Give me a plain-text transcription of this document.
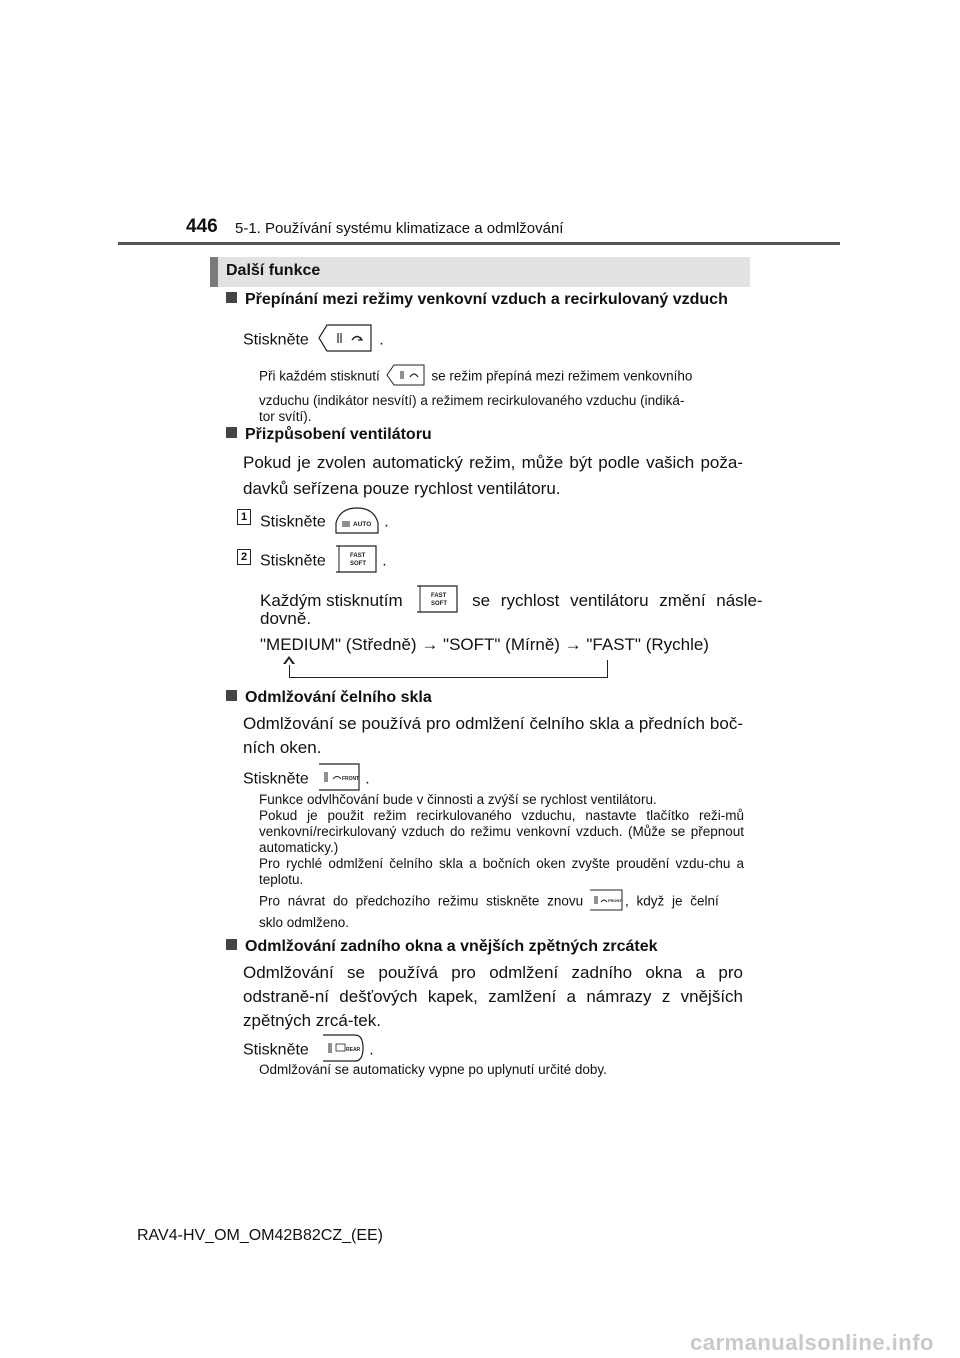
446 5-1. Používání systému klimatizace a odmlžování
Další funkce
Přepínání mezi režimy venkovní vzduch a recirkulovaný vzduch
Stiskněte	.
Při každém stisknutí	se režim přepíná mezi režimem venkovního
vzduchu (indikátor nesvítí) a režimem recirkulovaného vzduchu (indiká-
tor svítí).
Přizpůsobení ventilátoru
Pokud je zvolen automatický režim, může být podle vašich poža-davků seřízena pouze rychlost ventilátoru.
1 Stiskněte	AUTO .
2 Stiskněte	FAST
SOFT .
Každým stisknutím	FAST
SOFT se rychlost ventilátoru změní násle-
dovně.
"MEDIUM" (Středně) → "SOFT" (Mírně) → "FAST" (Rychle)
Odmlžování čelního skla
Odmlžování se používá pro odmlžení čelního skla a předních boč-ních oken.
Stiskněte	FRONT .
Funkce odvlhčování bude v činnosti a zvýší se rychlost ventilátoru.
Pokud je použit režim recirkulovaného vzduchu, nastavte tlačítko reži-mů venkovní/recirkulovaný vzduch do režimu venkovní vzduch. (Může se přepnout automaticky.)
Pro rychlé odmlžení čelního skla a bočních oken zvyšte proudění vzdu-chu a teplotu.
Pro návrat do předchozího režimu stiskněte znovu	FRONT , když je čelní
sklo odmlženo.
Odmlžování zadního okna a vnějších zpětných zrcátek
Odmlžování se používá pro odmlžení zadního okna a pro odstraně-ní dešťových kapek, zamlžení a námrazy z vnějších zpětných zrcá-tek.
Stiskněte	REAR .
Odmlžování se automaticky vypne po uplynutí určité doby.
RAV4-HV_OM_OM42B82CZ_(EE)
carmanualsonline.info
